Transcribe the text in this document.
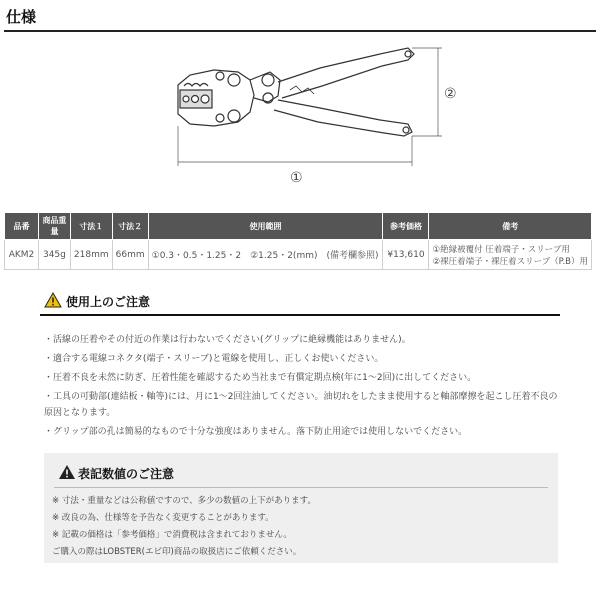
仕様
①
②
品番	商品重量	寸法１	寸法２	使用範囲	参考価格	備考
AKM2	345g	218mm	66mm	①0.3・0.5・1.25・2　②1.25・2(mm)　(備考欄参照)	¥13,610	①絶縁被覆付 圧着端子・スリーブ用
②裸圧着端子・裸圧着スリーブ（P.B）用
使用上のご注意

・活線の圧着やその付近の作業は行わないでください(グリップに絶縁機能はありません)。

・適合する電線コネクタ(端子・スリーブ)と電線を使用し、正しくお使いください。

・圧着不良を未然に防ぎ、圧着性能を確認するため当社まで有償定期点検(年に1～2回)に出してください。

・工具の可動部(連結板・軸等)には、月に1～2回注油してください。油切れをしたまま使用すると軸部摩擦を起こし圧着不良の原因となります。

・グリップ部の孔は簡易的なもので十分な強度はありません。落下防止用途では使用しないでください。

表記数値のご注意
※ 寸法・重量などは公称値ですので、多少の数値の上下があります。
※ 改良の為、仕様等を予告なく変更することがあります。
※ 記載の価格は「参考価格」で消費税は含まれておりません。
ご購入の際はLOBSTER(エビ印)商品の取扱店にご依頼ください。
